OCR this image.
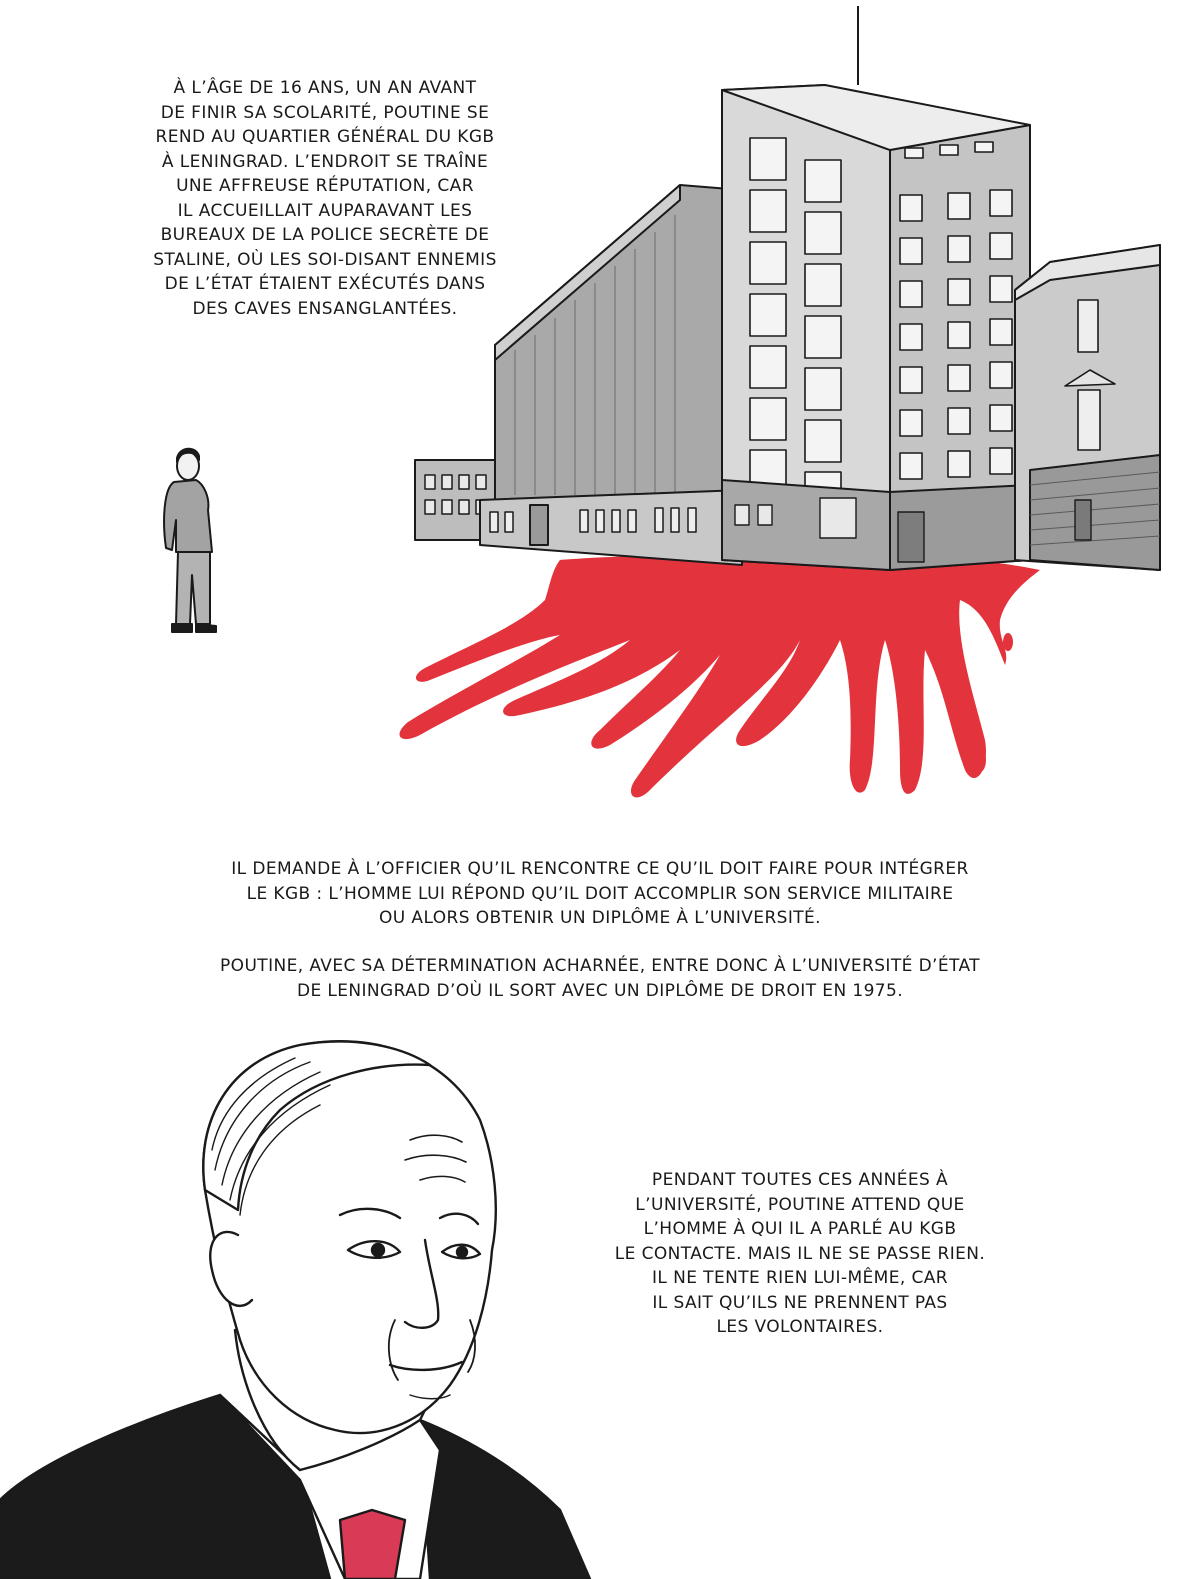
À L’ÂGE DE 16 ANS, UN AN AVANT
DE FINIR SA SCOLARITÉ, POUTINE SE
REND AU QUARTIER GÉNÉRAL DU KGB
À LENINGRAD. L’ENDROIT SE TRAÎNE
UNE AFFREUSE RÉPUTATION, CAR
IL ACCUEILLAIT AUPARAVANT LES
BUREAUX DE LA POLICE SECRÈTE DE
STALINE, OÙ LES SOI-DISANT ENNEMIS
DE L’ÉTAT ÉTAIENT EXÉCUTÉS DANS
DES CAVES ENSANGLANTÉES.
IL DEMANDE À L’OFFICIER QU’IL RENCONTRE CE QU’IL DOIT FAIRE POUR INTÉGRER
LE KGB : L’HOMME LUI RÉPOND QU’IL DOIT ACCOMPLIR SON SERVICE MILITAIRE
OU ALORS OBTENIR UN DIPLÔME À L’UNIVERSITÉ.
POUTINE, AVEC SA DÉTERMINATION ACHARNÉE, ENTRE DONC À L’UNIVERSITÉ D’ÉTAT
DE LENINGRAD D’OÙ IL SORT AVEC UN DIPLÔME DE DROIT EN 1975.
PENDANT TOUTES CES ANNÉES À
L’UNIVERSITÉ, POUTINE ATTEND QUE
L’HOMME À QUI IL A PARLÉ AU KGB
LE CONTACTE. MAIS IL NE SE PASSE RIEN.
IL NE TENTE RIEN LUI-MÊME, CAR
IL SAIT QU’ILS NE PRENNENT PAS
LES VOLONTAIRES.
